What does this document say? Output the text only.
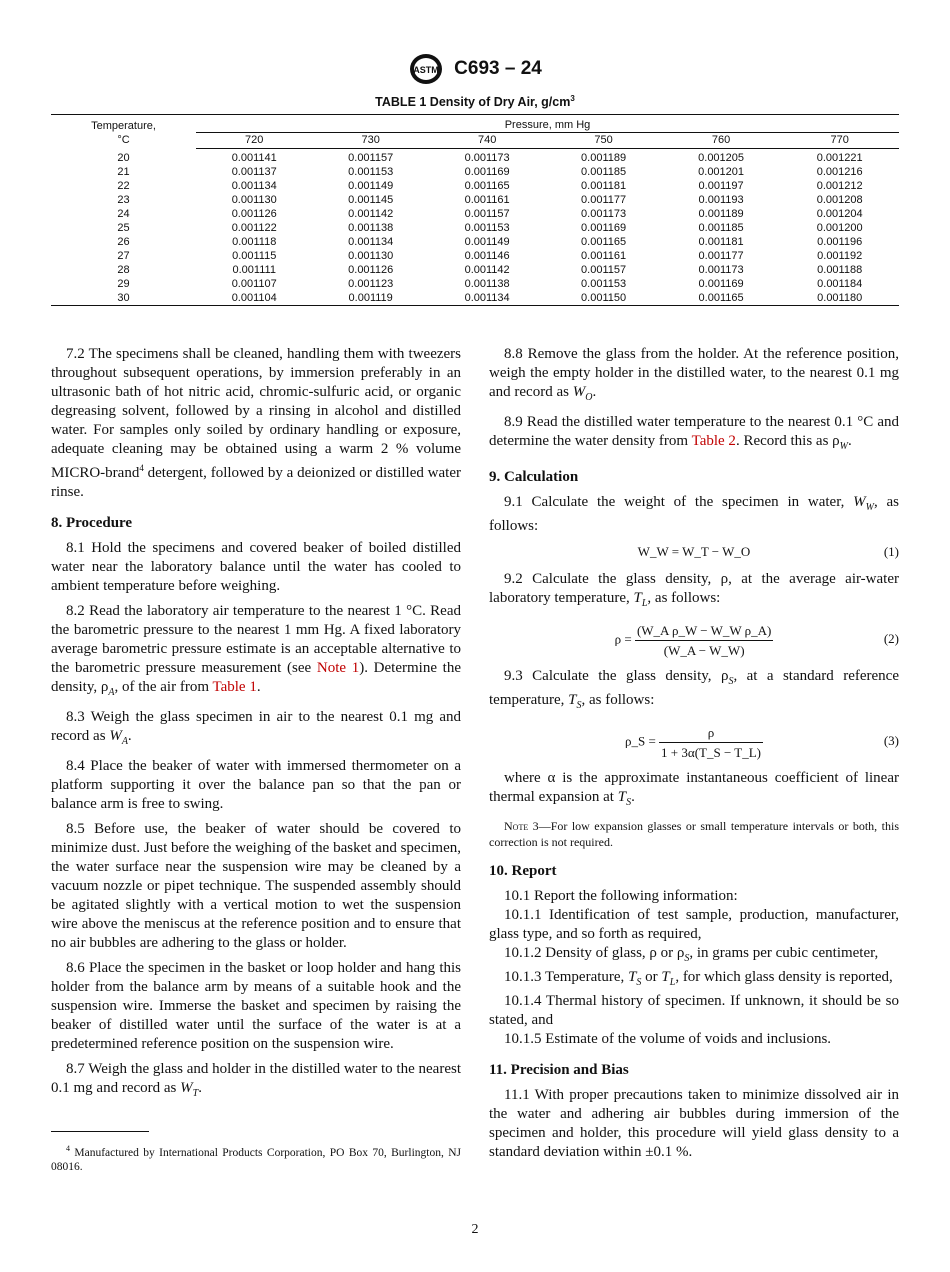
ASTM C693 – 24
TABLE 1 Density of Dry Air, $g/cm^3$
Temperature,
°C	Pressure, mm Hg					
	720	730	740	750	760	770
20	0.001141	0.001157	0.001173	0.001189	0.001205	0.001221
21	0.001137	0.001153	0.001169	0.001185	0.001201	0.001216
22	0.001134	0.001149	0.001165	0.001181	0.001197	0.001212
23	0.001130	0.001145	0.001161	0.001177	0.001193	0.001208
24	0.001126	0.001142	0.001157	0.001173	0.001189	0.001204
25	0.001122	0.001138	0.001153	0.001169	0.001185	0.001200
26	0.001118	0.001134	0.001149	0.001165	0.001181	0.001196
27	0.001115	0.001130	0.001146	0.001161	0.001177	0.001192
28	0.001111	0.001126	0.001142	0.001157	0.001173	0.001188
29	0.001107	0.001123	0.001138	0.001153	0.001169	0.001184
30	0.001104	0.001119	0.001134	0.001150	0.001165	0.001180

7.2 The specimens shall be cleaned, handling them with tweezers throughout subsequent operations, by immersion preferably in an ultrasonic bath of hot nitric acid, chromic-sulfuric acid, or organic degreasing solvent, followed by a rinsing in alcohol and distilled water. For samples only soiled by ordinary handling or exposure, adequate cleaning may be obtained using a warm 2 % volume MICRO-brand$^4$ detergent, followed by a deionized or distilled water rinse.

8. Procedure

8.1 Hold the specimens and covered beaker of boiled distilled water near the laboratory balance until the water has cooled to ambient temperature before weighing.

8.2 Read the laboratory air temperature to the nearest 1 °C. Read the barometric pressure to the nearest 1 mm Hg. A fixed laboratory average barometric pressure estimate is an acceptable alternative to the barometric pressure measurement (see Note 1). Determine the density, $\rho_A$, of the air from Table 1.

8.3 Weigh the glass specimen in air to the nearest 0.1 mg and record as $W_A$.

8.4 Place the beaker of water with immersed thermometer on a platform supporting it over the balance pan so that the pan or balance arm is free to swing.

8.5 Before use, the beaker of water should be covered to minimize dust. Just before the weighing of the basket and specimen, the water surface near the suspension wire may be cleaned by a vacuum nozzle or pipet technique. The suspended assembly should be agitated slightly with a vertical motion to wet the suspension wire above the meniscus at the reference position and to ensure that no air bubbles are adhering to the glass or holder.

8.6 Place the specimen in the basket or loop holder and hang this holder from the balance arm by means of a suitable hook and the suspension wire. Immerse the basket and specimen by raising the beaker of distilled water until the surface of the water is at a predetermined reference position on the suspension wire.

8.7 Weigh the glass and holder in the distilled water to the nearest 0.1 mg and record as $W_T$.

8.8 Remove the glass from the holder. At the reference position, weigh the empty holder in the distilled water, to the nearest 0.1 mg and record as $W_O$.

8.9 Read the distilled water temperature to the nearest 0.1 °C and determine the water density from Table 2. Record this as $\rho_W$.

9. Calculation

9.1 Calculate the weight of the specimen in water, $W_W$, as follows:

W_W = W_T − W_O	(1)

9.2 Calculate the glass density, ρ, at the average air-water laboratory temperature, $T_L$, as follows:

$\rho = \frac{\text{(W\_A ρ\_W − W\_W ρ\_A)}}{(W\_A - W\_W)}$	(2)

9.3 Calculate the glass density, $\rho_S$, at a standard reference temperature, $T_S$, as follows:

ρ_S = $\frac{\rho}{1 + 3\alpha(T\_S - T\_L)}$	(3)

where α is the approximate instantaneous coefficient of linear thermal expansion at $T_S$.

Note 3—For low expansion glasses or small temperature intervals or both, this correction is not required.
10. Report

10.1 Report the following information:

10.1.1 Identification of test sample, production, manufacturer, glass type, and so forth as required,

10.1.2 Density of glass, ρ or $\rho_S$, in grams per cubic centimeter,

10.1.3 Temperature, $T_S$ or $T_L$, for which glass density is reported,

10.1.4 Thermal history of specimen. If unknown, it should be so stated, and

10.1.5 Estimate of the volume of voids and inclusions.

11. Precision and Bias

11.1 With proper precautions taken to minimize dissolved air in the water and adhering air bubbles during immersion of the specimen and holder, this procedure will yield glass density to a standard deviation within ±0.1 %.

$^4$ Manufactured by International Products Corporation, PO Box 70, Burlington, NJ 08016.
2
